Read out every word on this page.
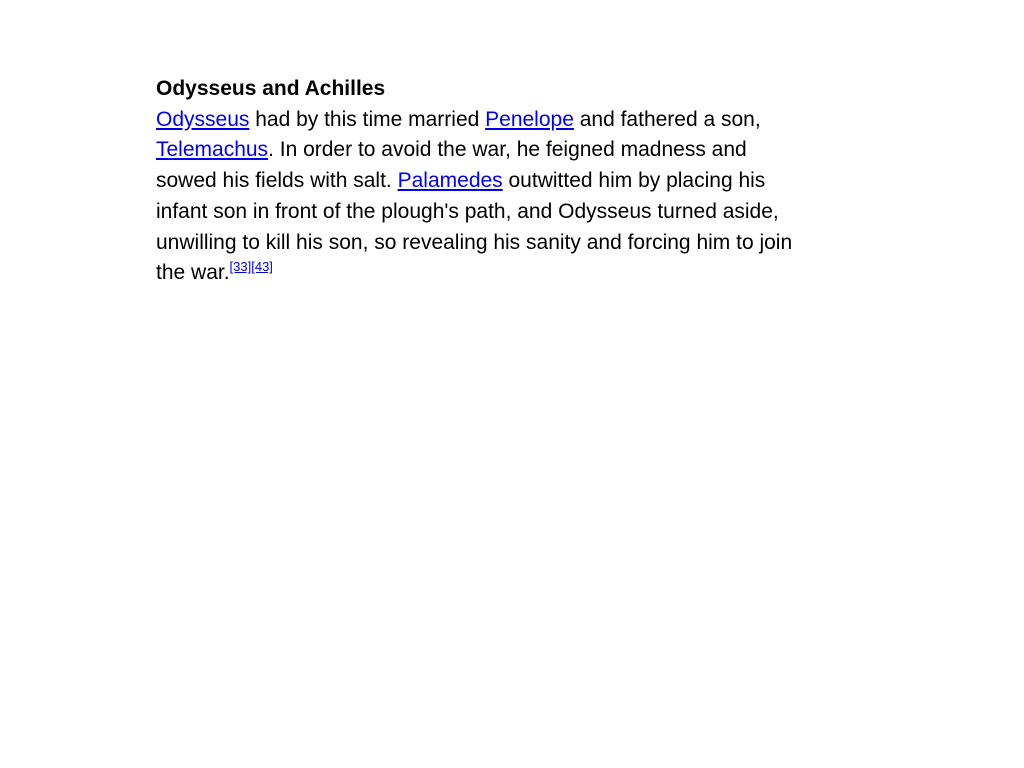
Odysseus and Achilles
Odysseus had by this time married Penelope and fathered a son, Telemachus. In order to avoid the war, he feigned madness and sowed his fields with salt. Palamedes outwitted him by placing his infant son in front of the plough's path, and Odysseus turned aside, unwilling to kill his son, so revealing his sanity and forcing him to join the war.[33][43]
